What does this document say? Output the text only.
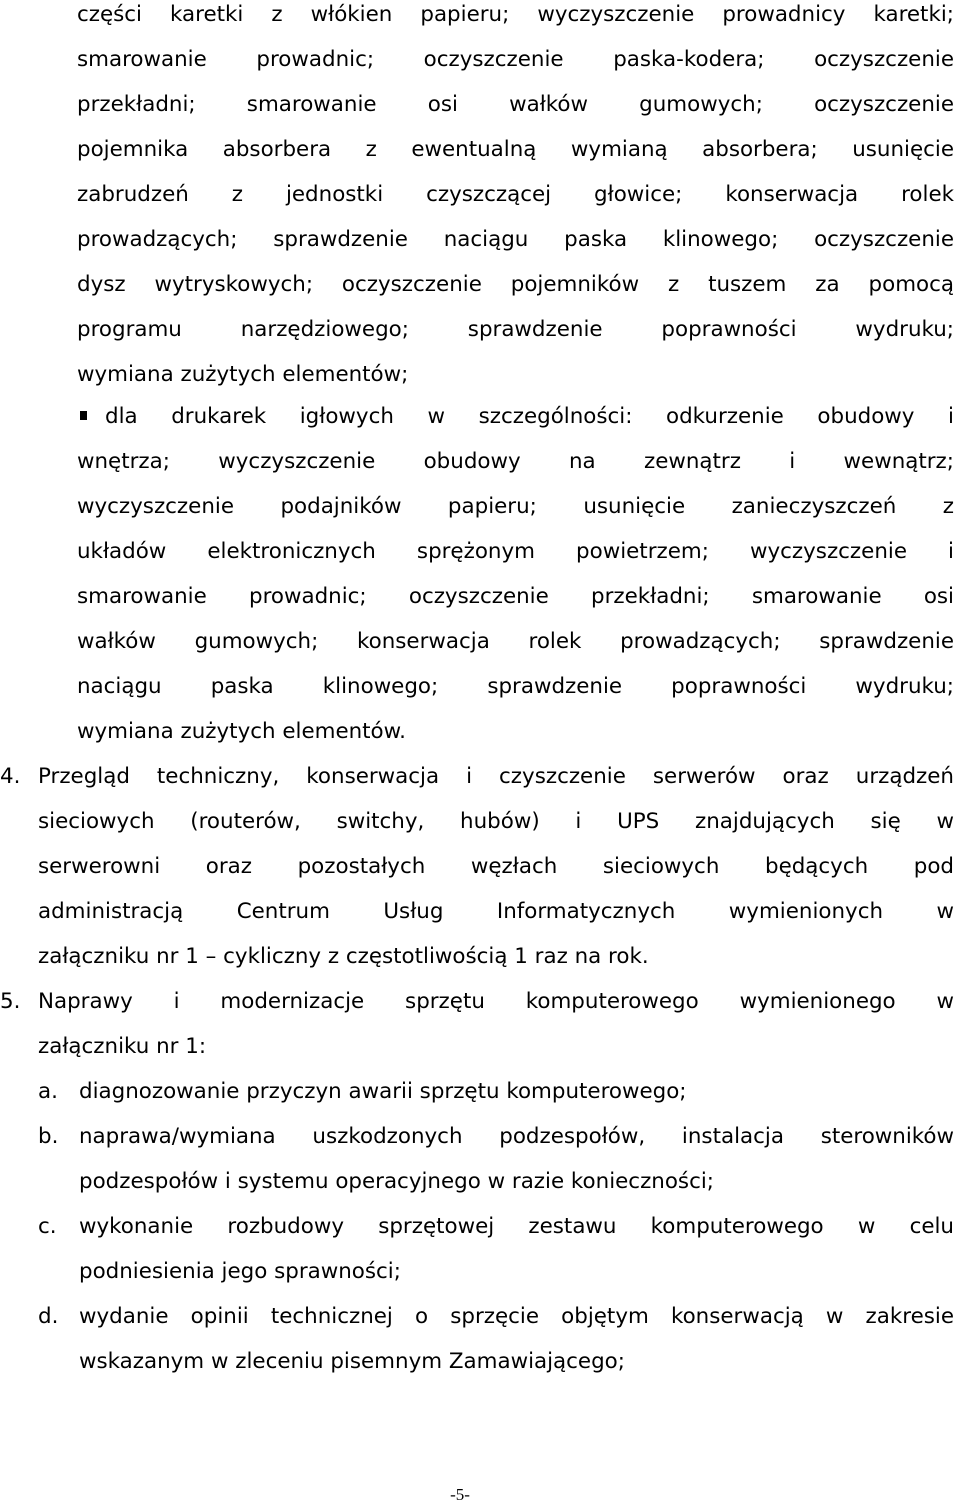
części karetki z włókien papieru; wyczyszczenie prowadnicy karetki;
smarowanie prowadnic; oczyszczenie paska-kodera; oczyszczenie
przekładni; smarowanie osi wałków gumowych; oczyszczenie
pojemnika absorbera z ewentualną wymianą absorbera; usunięcie
zabrudzeń z jednostki czyszczącej głowice; konserwacja rolek
prowadzących; sprawdzenie naciągu paska klinowego; oczyszczenie
dysz wytryskowych; oczyszczenie pojemników z tuszem za pomocą
programu narzędziowego; sprawdzenie poprawności wydruku;
wymiana zużytych elementów;
dla drukarek igłowych w szczególności: odkurzenie obudowy i
wnętrza; wyczyszczenie obudowy na zewnątrz i wewnątrz;
wyczyszczenie podajników papieru; usunięcie zanieczyszczeń z
układów elektronicznych sprężonym powietrzem; wyczyszczenie i
smarowanie prowadnic; oczyszczenie przekładni; smarowanie osi
wałków gumowych; konserwacja rolek prowadzących; sprawdzenie
naciągu paska klinowego; sprawdzenie poprawności wydruku;
wymiana zużytych elementów.
4. Przegląd techniczny, konserwacja i czyszczenie serwerów oraz urządzeń
sieciowych (routerów, switchy, hubów) i UPS znajdujących się w
serwerowni oraz pozostałych węzłach sieciowych będących pod
administracją Centrum Usług Informatycznych wymienionych w
załączniku nr 1 – cykliczny z częstotliwością 1 raz na rok.
5. Naprawy i modernizacje sprzętu komputerowego wymienionego w
załączniku nr 1:
a. diagnozowanie przyczyn awarii sprzętu komputerowego;
b. naprawa/wymiana uszkodzonych podzespołów, instalacja sterowników
podzespołów i systemu operacyjnego w razie konieczności;
c. wykonanie rozbudowy sprzętowej zestawu komputerowego w celu
podniesienia jego sprawności;
d. wydanie opinii technicznej o sprzęcie objętym konserwacją w zakresie
wskazanym w zleceniu pisemnym Zamawiającego;
-5-
